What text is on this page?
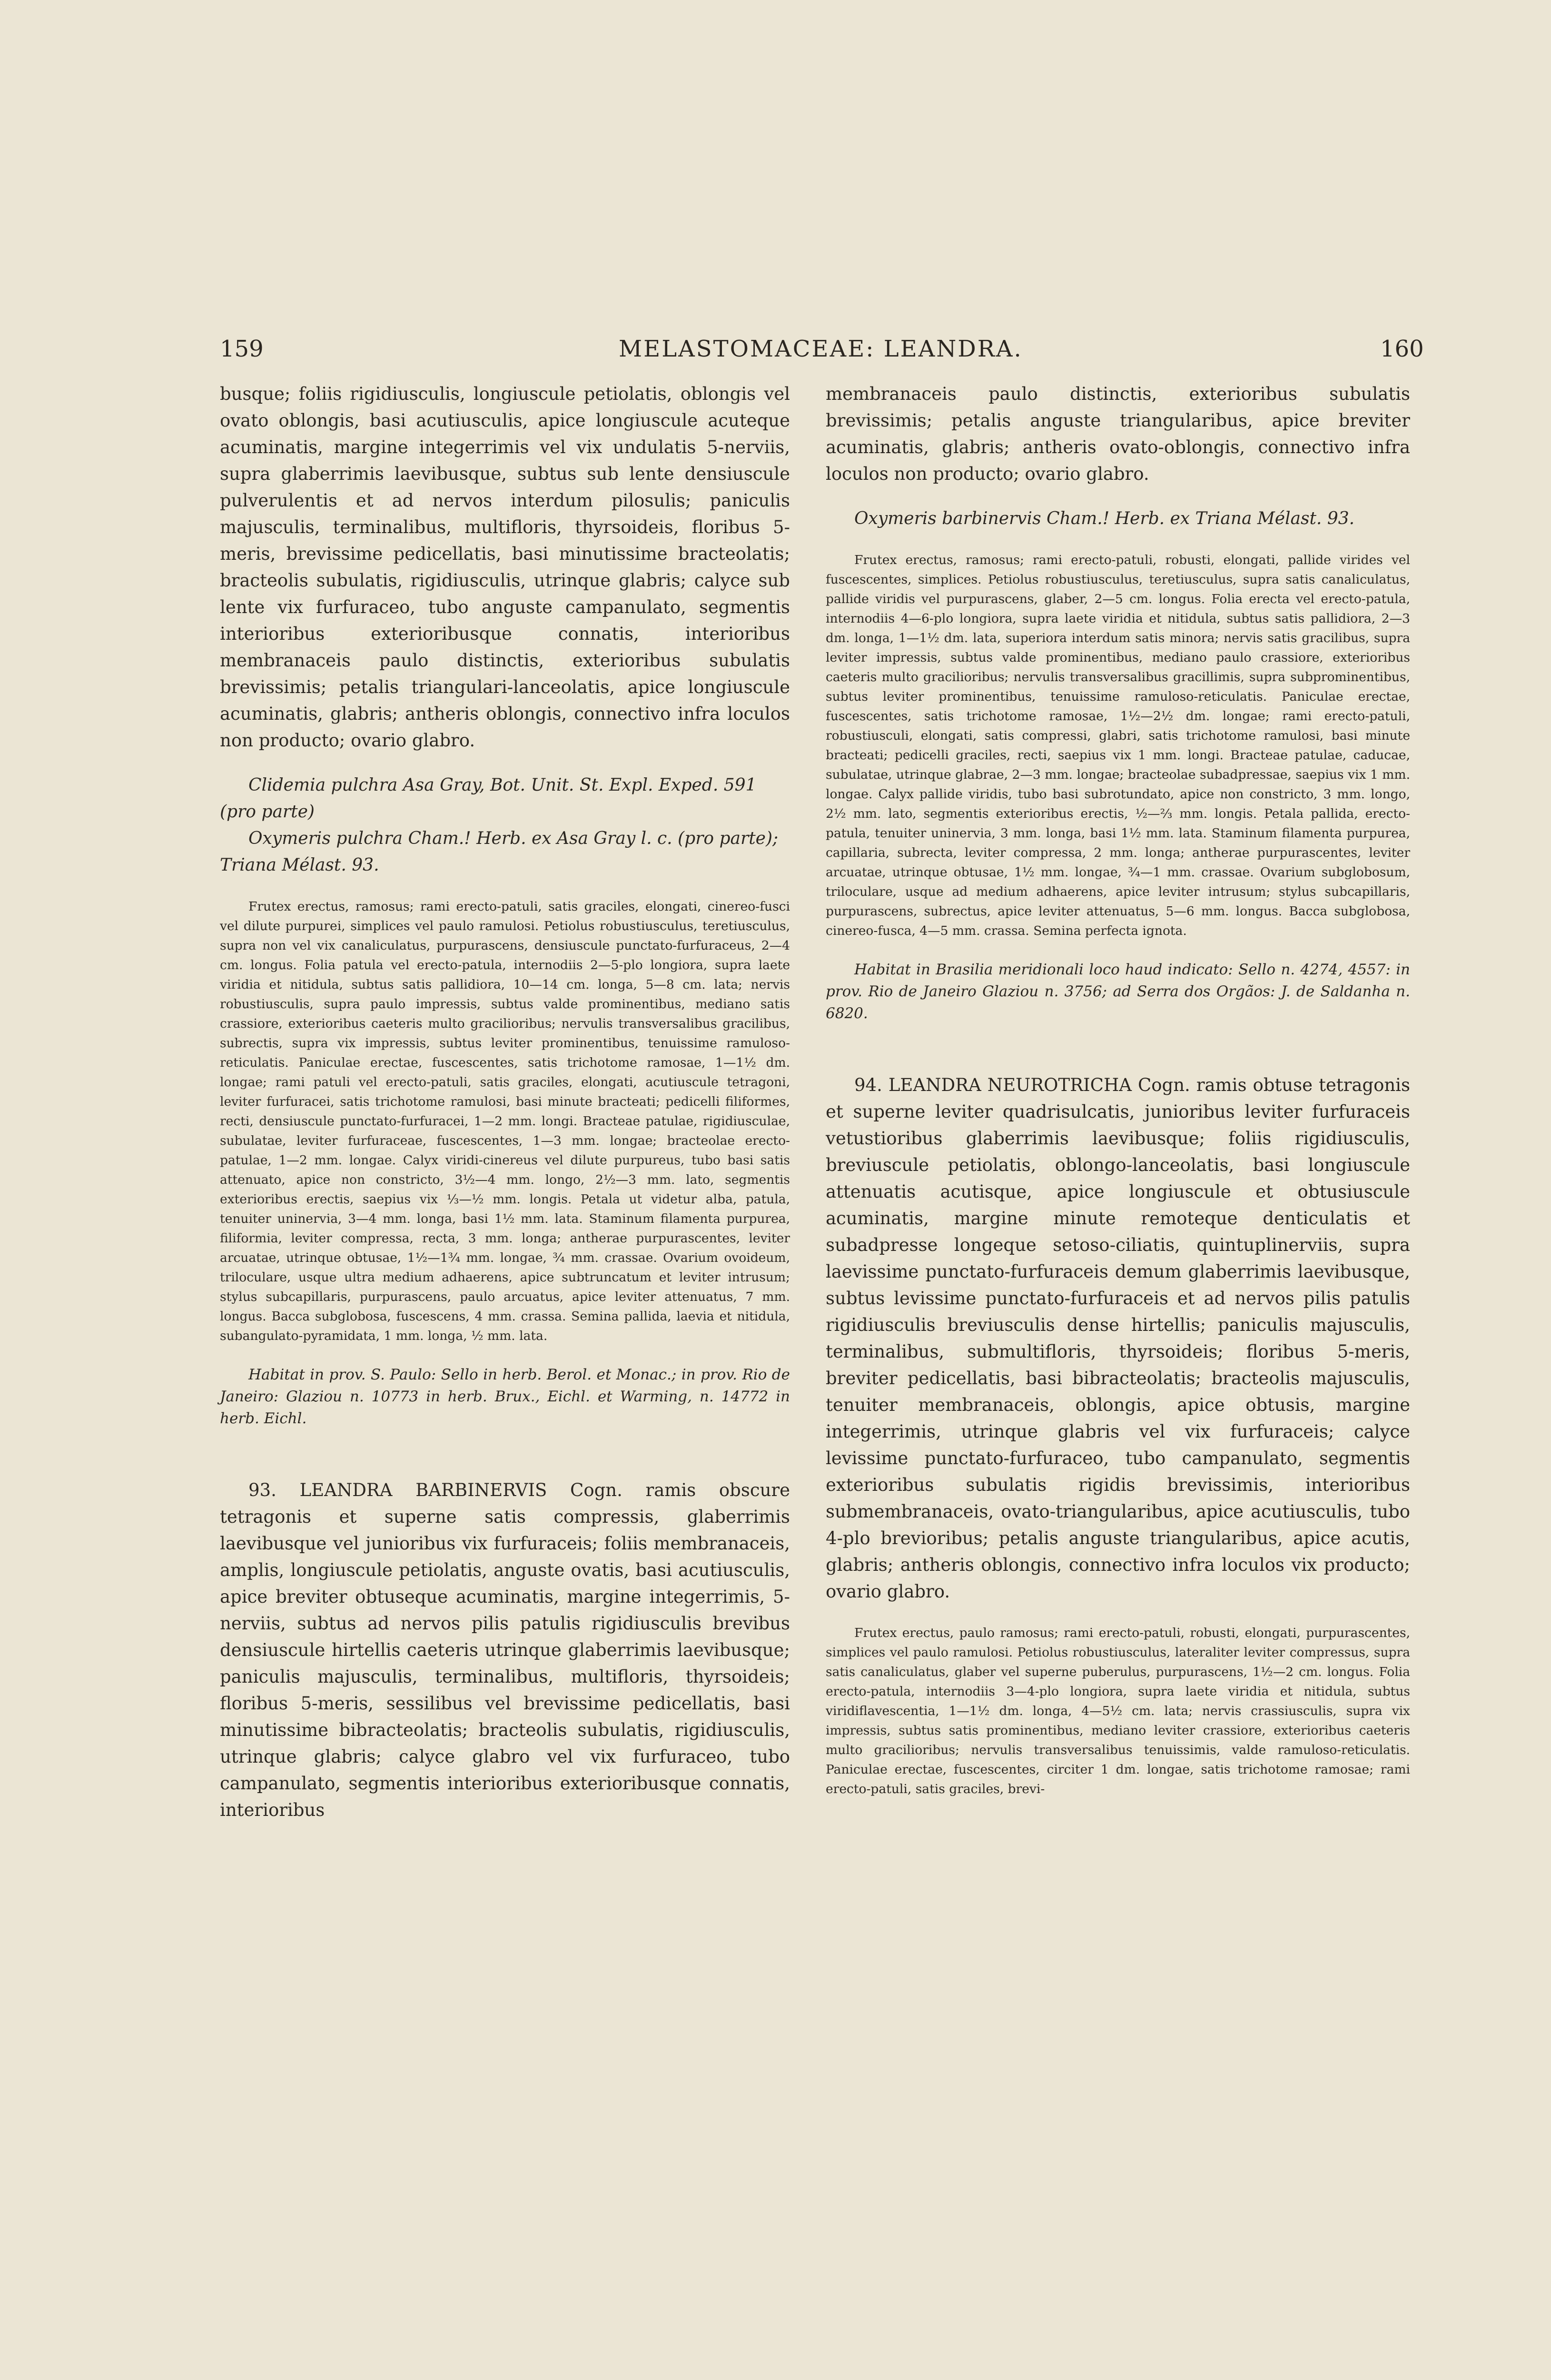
159	MELASTOMACEAE: LEANDRA.	160

busque; foliis rigidiusculis, longiuscule petiolatis, oblongis vel ovato oblongis, basi acutiusculis, apice longiuscule acuteque acuminatis, margine integerrimis vel vix undulatis 5-nerviis, supra glaberrimis laevibusque, subtus sub lente densiuscule pulverulentis et ad nervos interdum pilosulis; paniculis majusculis, terminalibus, multifloris, thyrsoideis, floribus 5-meris, brevissime pedicellatis, basi minutissime bracteolatis; bracteolis subulatis, rigidiusculis, utrinque glabris; calyce sub lente vix furfuraceo, tubo anguste campanulato, segmentis interioribus exterioribusque connatis, interioribus membranaceis paulo distinctis, exterioribus subulatis brevissimis; petalis triangulari-lanceolatis, apice longiuscule acuminatis, glabris; antheris oblongis, connectivo infra loculos non producto; ovario glabro.

Clidemia pulchra Asa Gray, Bot. Unit. St. Expl. Exped. 591 (pro parte)

Oxymeris pulchra Cham.! Herb. ex Asa Gray l. c. (pro parte); Triana Mélast. 93.

Frutex erectus, ramosus; rami erecto-patuli, satis graciles, elongati, cinereo-fusci vel dilute purpurei, simplices vel paulo ramulosi. Petiolus robustiusculus, teretiusculus, supra non vel vix canaliculatus, purpurascens, densiuscule punctato-furfuraceus, 2—4 cm. longus. Folia patula vel erecto-patula, internodiis 2—5-plo longiora, supra laete viridia et nitidula, subtus satis pallidiora, 10—14 cm. longa, 5—8 cm. lata; nervis robustiusculis, supra paulo impressis, subtus valde prominentibus, mediano satis crassiore, exterioribus caeteris multo gracilioribus; nervulis transversalibus gracilibus, subrectis, supra vix impressis, subtus leviter prominentibus, tenuissime ramuloso-reticulatis. Paniculae erectae, fuscescentes, satis trichotome ramosae, 1—1½ dm. longae; rami patuli vel erecto-patuli, satis graciles, elongati, acutiuscule tetragoni, leviter furfuracei, satis trichotome ramulosi, basi minute bracteati; pedicelli filiformes, recti, densiuscule punctato-furfuracei, 1—2 mm. longi. Bracteae patulae, rigidiusculae, subulatae, leviter furfuraceae, fuscescentes, 1—3 mm. longae; bracteolae erecto-patulae, 1—2 mm. longae. Calyx viridi-cinereus vel dilute purpureus, tubo basi satis attenuato, apice non constricto, 3½—4 mm. longo, 2½—3 mm. lato, segmentis exterioribus erectis, saepius vix ⅓—½ mm. longis. Petala ut videtur alba, patula, tenuiter uninervia, 3—4 mm. longa, basi 1½ mm. lata. Staminum filamenta purpurea, filiformia, leviter compressa, recta, 3 mm. longa; antherae purpurascentes, leviter arcuatae, utrinque obtusae, 1½—1¾ mm. longae, ¾ mm. crassae. Ovarium ovoideum, triloculare, usque ultra medium adhaerens, apice subtruncatum et leviter intrusum; stylus subcapillaris, purpurascens, paulo arcuatus, apice leviter attenuatus, 7 mm. longus. Bacca subglobosa, fuscescens, 4 mm. crassa. Semina pallida, laevia et nitidula, subangulato-pyramidata, 1 mm. longa, ½ mm. lata.

Habitat in prov. S. Paulo: Sello in herb. Berol. et Monac.; in prov. Rio de Janeiro: Glaziou n. 10773 in herb. Brux., Eichl. et Warming, n. 14772 in herb. Eichl.

93. LEANDRA BARBINERVIS Cogn. ramis obscure tetragonis et superne satis compressis, glaberrimis laevibusque vel junioribus vix furfuraceis; foliis membranaceis, amplis, longiuscule petiolatis, anguste ovatis, basi acutiusculis, apice breviter obtuseque acuminatis, margine integerrimis, 5-nerviis, subtus ad nervos pilis patulis rigidiusculis brevibus densiuscule hirtellis caeteris utrinque glaberrimis laevibusque; paniculis majusculis, terminalibus, multifloris, thyrsoideis; floribus 5-meris, sessilibus vel brevissime pedicellatis, basi minutissime bibracteolatis; bracteolis subulatis, rigidiusculis, utrinque glabris; calyce glabro vel vix furfuraceo, tubo campanulato, segmentis interioribus exterioribusque connatis, interioribus

membranaceis paulo distinctis, exterioribus subulatis brevissimis; petalis anguste triangularibus, apice breviter acuminatis, glabris; antheris ovato-oblongis, connectivo infra loculos non producto; ovario glabro.

Oxymeris barbinervis Cham.! Herb. ex Triana Mélast. 93.

Frutex erectus, ramosus; rami erecto-patuli, robusti, elongati, pallide virides vel fuscescentes, simplices. Petiolus robustiusculus, teretiusculus, supra satis canaliculatus, pallide viridis vel purpurascens, glaber, 2—5 cm. longus. Folia erecta vel erecto-patula, internodiis 4—6-plo longiora, supra laete viridia et nitidula, subtus satis pallidiora, 2—3 dm. longa, 1—1½ dm. lata, superiora interdum satis minora; nervis satis gracilibus, supra leviter impressis, subtus valde prominentibus, mediano paulo crassiore, exterioribus caeteris multo gracilioribus; nervulis transversalibus gracillimis, supra subprominentibus, subtus leviter prominentibus, tenuissime ramuloso-reticulatis. Paniculae erectae, fuscescentes, satis trichotome ramosae, 1½—2½ dm. longae; rami erecto-patuli, robustiusculi, elongati, satis compressi, glabri, satis trichotome ramulosi, basi minute bracteati; pedicelli graciles, recti, saepius vix 1 mm. longi. Bracteae patulae, caducae, subulatae, utrinque glabrae, 2—3 mm. longae; bracteolae subadpressae, saepius vix 1 mm. longae. Calyx pallide viridis, tubo basi subrotundato, apice non constricto, 3 mm. longo, 2½ mm. lato, segmentis exterioribus erectis, ½—⅔ mm. longis. Petala pallida, erecto-patula, tenuiter uninervia, 3 mm. longa, basi 1½ mm. lata. Staminum filamenta purpurea, capillaria, subrecta, leviter compressa, 2 mm. longa; antherae purpurascentes, leviter arcuatae, utrinque obtusae, 1½ mm. longae, ¾—1 mm. crassae. Ovarium subglobosum, triloculare, usque ad medium adhaerens, apice leviter intrusum; stylus subcapillaris, purpurascens, subrectus, apice leviter attenuatus, 5—6 mm. longus. Bacca subglobosa, cinereo-fusca, 4—5 mm. crassa. Semina perfecta ignota.

Habitat in Brasilia meridionali loco haud indicato: Sello n. 4274, 4557: in prov. Rio de Janeiro Glaziou n. 3756; ad Serra dos Orgãos: J. de Saldanha n. 6820.

94. LEANDRA NEUROTRICHA Cogn. ramis obtuse tetragonis et superne leviter quadrisulcatis, junioribus leviter furfuraceis vetustioribus glaberrimis laevibusque; foliis rigidiusculis, breviuscule petiolatis, oblongo-lanceolatis, basi longiuscule attenuatis acutisque, apice longiuscule et obtusiuscule acuminatis, margine minute remoteque denticulatis et subadpresse longeque setoso-ciliatis, quintuplinerviis, supra laevissime punctato-furfuraceis demum glaberrimis laevibusque, subtus levissime punctato-furfuraceis et ad nervos pilis patulis rigidiusculis breviusculis dense hirtellis; paniculis majusculis, terminalibus, submultifloris, thyrsoideis; floribus 5-meris, breviter pedicellatis, basi bibracteolatis; bracteolis majusculis, tenuiter membranaceis, oblongis, apice obtusis, margine integerrimis, utrinque glabris vel vix furfuraceis; calyce levissime punctato-furfuraceo, tubo campanulato, segmentis exterioribus subulatis rigidis brevissimis, interioribus submembranaceis, ovato-triangularibus, apice acutiusculis, tubo 4-plo brevioribus; petalis anguste triangularibus, apice acutis, glabris; antheris oblongis, connectivo infra loculos vix producto; ovario glabro.

Frutex erectus, paulo ramosus; rami erecto-patuli, robusti, elongati, purpurascentes, simplices vel paulo ramulosi. Petiolus robustiusculus, lateraliter leviter compressus, supra satis canaliculatus, glaber vel superne puberulus, purpurascens, 1½—2 cm. longus. Folia erecto-patula, internodiis 3—4-plo longiora, supra laete viridia et nitidula, subtus viridiflavescentia, 1—1½ dm. longa, 4—5½ cm. lata; nervis crassiusculis, supra vix impressis, subtus satis prominentibus, mediano leviter crassiore, exterioribus caeteris multo gracilioribus; nervulis transversalibus tenuissimis, valde ramuloso-reticulatis. Paniculae erectae, fuscescentes, circiter 1 dm. longae, satis trichotome ramosae; rami erecto-patuli, satis graciles, brevi-
